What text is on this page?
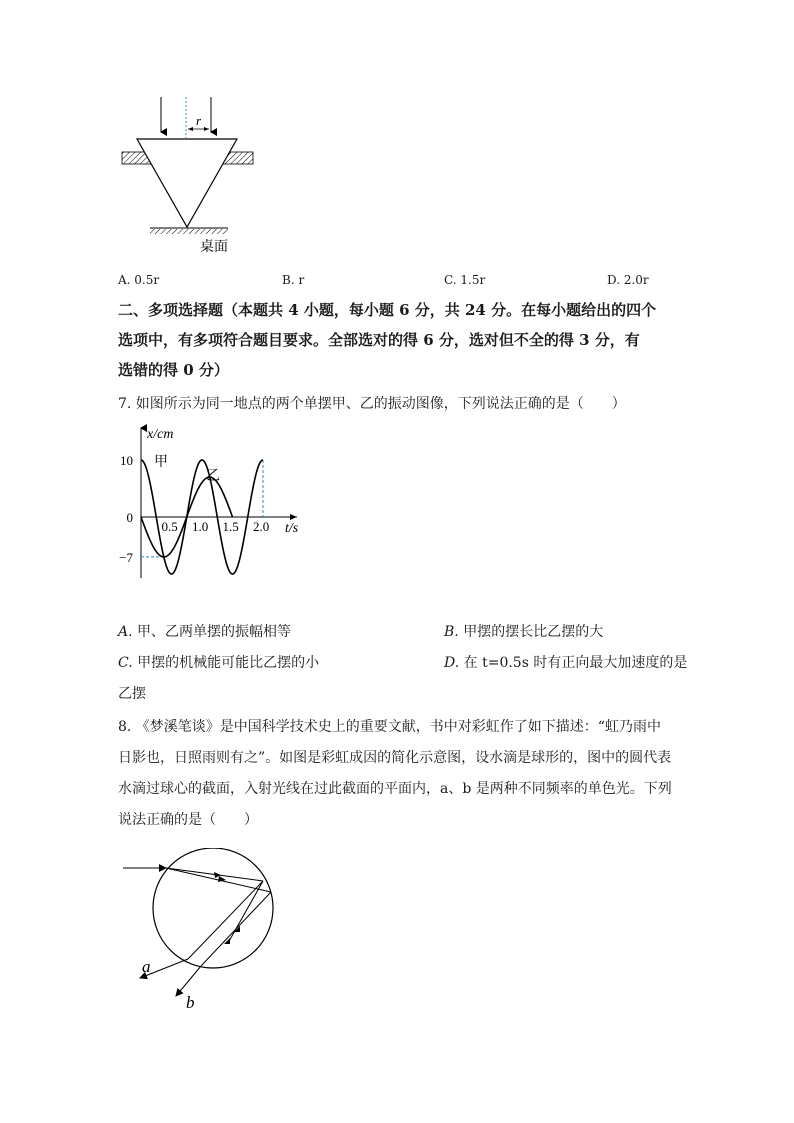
r
桌面
A. 0.5r	B. r	C. 1.5r	D. 2.0r
二、多项选择题（本题共 4 小题，每小题 6 分，共 24 分。在每小题给出的四个
选项中，有多项符合题目要求。全部选对的得 6 分，选对但不全的得 3 分，有
选错的得 0 分）
7. 如图所示为同一地点的两个单摆甲、乙的振动图像，下列说法正确的是（　　）
x/cm
t/s
0.5 1.0 1.5 2.0
10
0
−7
甲
乙
A. 甲、乙两单摆的振幅相等	B. 甲摆的摆长比乙摆的大
C. 甲摆的机械能可能比乙摆的小	D. 在 t=0.5s 时有正向最大加速度的是
乙摆
8. 《梦溪笔谈》是中国科学技术史上的重要文献，书中对彩虹作了如下描述：“虹乃雨中
日影也，日照雨则有之”。如图是彩虹成因的简化示意图，设水滴是球形的，图中的圆代表
水滴过球心的截面，入射光线在过此截面的平面内，a、b 是两种不同频率的单色光。下列
说法正确的是（　　）
a
b
